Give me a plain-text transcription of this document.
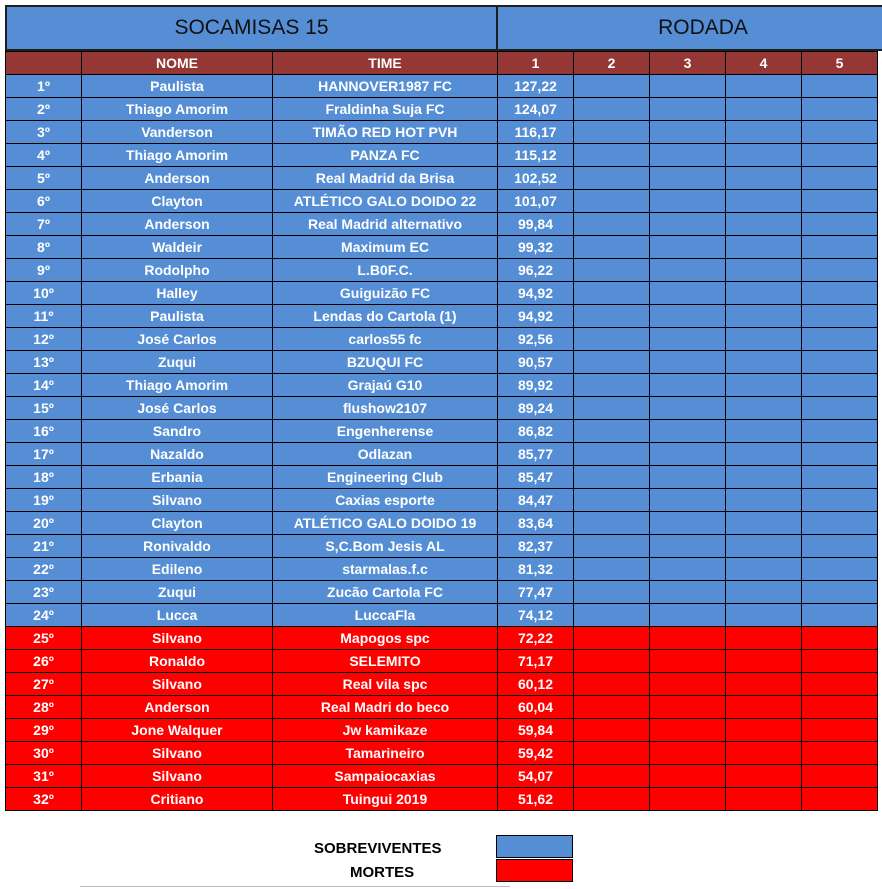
SOCAMISAS 15	RODADA
	NOME	TIME	1	2	3	4	5
1º	Paulista	HANNOVER1987 FC	127,22				
2º	Thiago Amorim	Fraldinha Suja FC	124,07				
3º	Vanderson	TIMÃO RED HOT PVH	116,17				
4º	Thiago Amorim	PANZA FC	115,12				
5º	Anderson	Real Madrid da Brisa	102,52				
6º	Clayton	ATLÉTICO GALO DOIDO 22	101,07				
7º	Anderson	Real Madrid alternativo	99,84				
8º	Waldeir	Maximum EC	99,32				
9º	Rodolpho	L.B0F.C.	96,22				
10º	Halley	Guiguizão FC	94,92				
11º	Paulista	Lendas do Cartola (1)	94,92				
12º	José Carlos	carlos55 fc	92,56				
13º	Zuqui	BZUQUI FC	90,57				
14º	Thiago Amorim	Grajaú G10	89,92				
15º	José Carlos	flushow2107	89,24				
16º	Sandro	Engenherense	86,82				
17º	Nazaldo	Odlazan	85,77				
18º	Erbania	Engineering Club	85,47				
19º	Silvano	Caxias esporte	84,47				
20º	Clayton	ATLÉTICO GALO DOIDO 19	83,64				
21º	Ronivaldo	S,C.Bom Jesis AL	82,37				
22º	Edileno	starmalas.f.c	81,32				
23º	Zuqui	Zucão Cartola FC	77,47				
24º	Lucca	LuccaFla	74,12				
25º	Silvano	Mapogos spc	72,22				
26º	Ronaldo	SELEMITO	71,17				
27º	Silvano	Real vila spc	60,12				
28º	Anderson	Real Madri do beco	60,04				
29º	Jone Walquer	Jw kamikaze	59,84				
30º	Silvano	Tamarineiro	59,42				
31º	Silvano	Sampaiocaxias	54,07				
32º	Critiano	Tuingui 2019	51,62				
SOBREVIVENTES
MORTES
